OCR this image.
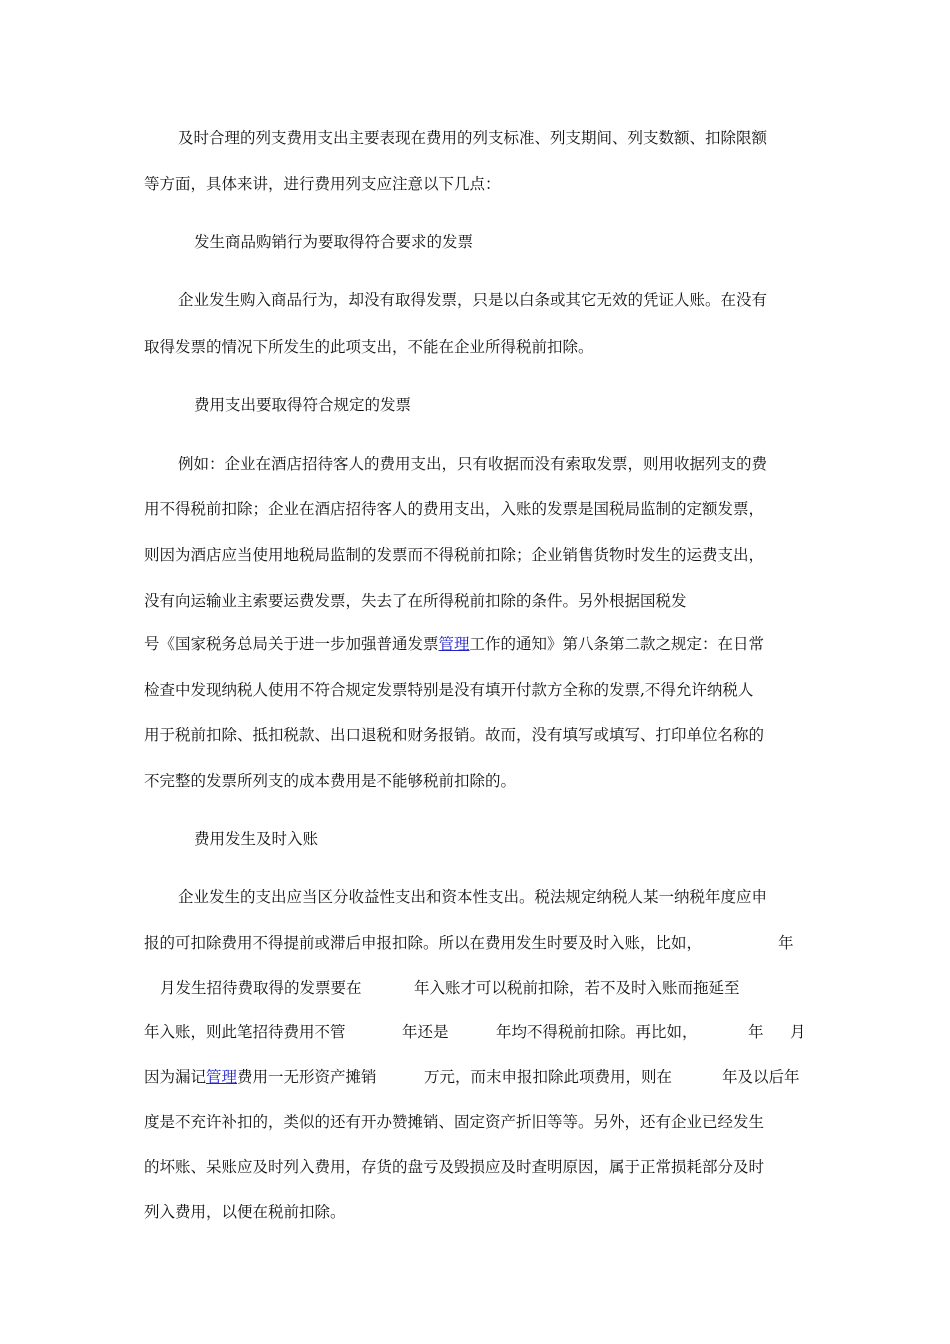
及时合理的列支费用支出主要表现在费用的列支标准、列支期间、列支数额、扣除限额
等方面，具体来讲，进行费用列支应注意以下几点：
发生商品购销行为要取得符合要求的发票
企业发生购入商品行为，却没有取得发票，只是以白条或其它无效的凭证人账。在没有
取得发票的情况下所发生的此项支出，不能在企业所得税前扣除。
费用支出要取得符合规定的发票
例如：企业在酒店招待客人的费用支出，只有收据而没有索取发票，则用收据列支的费
用不得税前扣除；企业在酒店招待客人的费用支出，入账的发票是国税局监制的定额发票，
则因为酒店应当使用地税局监制的发票而不得税前扣除；企业销售货物时发生的运费支出，
没有向运输业主索要运费发票，失去了在所得税前扣除的条件。另外根据国税发
号《国家税务总局关于进一步加强普通发票管理工作的通知》第八条第二款之规定：在日常
检查中发现纳税人使用不符合规定发票特别是没有填开付款方全称的发票,不得允许纳税人
用于税前扣除、抵扣税款、出口退税和财务报销。故而，没有填写或填写、打印单位名称的
不完整的发票所列支的成本费用是不能够税前扣除的。
费用发生及时入账
企业发生的支出应当区分收益性支出和资本性支出。税法规定纳税人某一纳税年度应申
报的可扣除费用不得提前或滞后申报扣除。所以在费用发生时要及时入账，比如，	年
月发生招待费取得的发票要在	年入账才可以税前扣除，若不及时入账而拖延至
年入账，则此笔招待费用不管	年还是	年均不得税前扣除。再比如，	年 月
因为漏记管理费用一无形资产摊销	万元，而末申报扣除此项费用，则在	年及以后年
度是不充许补扣的，类似的还有开办赞摊销、固定资产折旧等等。另外，还有企业已经发生
的坏账、呆账应及时列入费用，存货的盘亏及毁损应及时查明原因，属于正常损耗部分及时
列入费用，以便在税前扣除。
